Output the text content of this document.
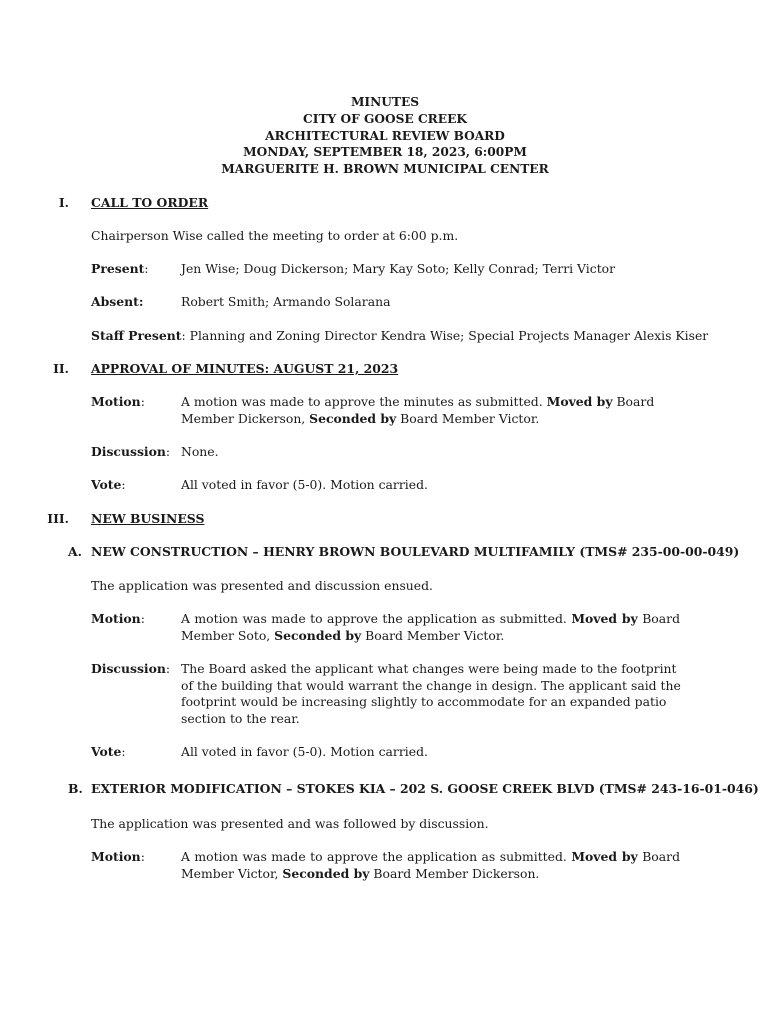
MINUTES
CITY OF GOOSE CREEK
ARCHITECTURAL REVIEW BOARD
MONDAY, SEPTEMBER 18, 2023, 6:00PM
MARGUERITE H. BROWN MUNICIPAL CENTER
I. CALL TO ORDER
Chairperson Wise called the meeting to order at 6:00 p.m.
Present:	Jen Wise; Doug Dickerson; Mary Kay Soto; Kelly Conrad; Terri Victor
Absent:	Robert Smith; Armando Solarana
Staff Present: Planning and Zoning Director Kendra Wise; Special Projects Manager Alexis Kiser
II. APPROVAL OF MINUTES: AUGUST 21, 2023
Motion:	A motion was made to approve the minutes as submitted. Moved by Board Member Dickerson, Seconded by Board Member Victor.
Discussion: None.
Vote:	All voted in favor (5-0). Motion carried.
III. NEW BUSINESS
A. NEW CONSTRUCTION – HENRY BROWN BOULEVARD MULTIFAMILY (TMS# 235-00-00-049)
The application was presented and discussion ensued.
Motion:	A motion was made to approve the application as submitted. Moved by Board Member Soto, Seconded by Board Member Victor.
Discussion: The Board asked the applicant what changes were being made to the footprint of the building that would warrant the change in design. The applicant said the footprint would be increasing slightly to accommodate for an expanded patio section to the rear.
Vote:	All voted in favor (5-0). Motion carried.
B. EXTERIOR MODIFICATION – STOKES KIA – 202 S. GOOSE CREEK BLVD (TMS# 243-16-01-046)
The application was presented and was followed by discussion.
Motion:	A motion was made to approve the application as submitted. Moved by Board Member Victor, Seconded by Board Member Dickerson.
